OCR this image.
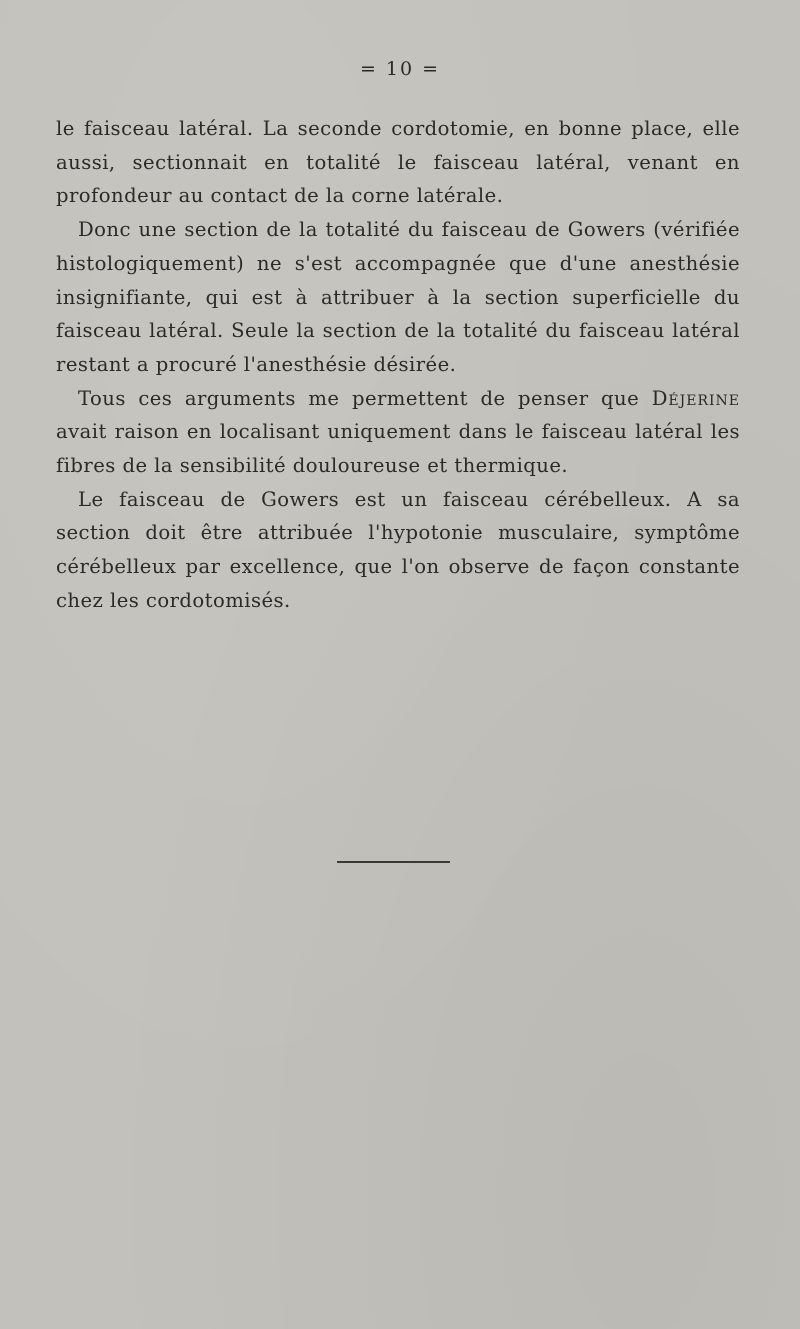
= 10 =

le faisceau latéral. La seconde cordotomie, en bonne place, elle aussi, sectionnait en totalité le faisceau latéral, venant en profondeur au contact de la corne latérale.

Donc une section de la totalité du faisceau de Gowers (vérifiée histologiquement) ne s'est accompagnée que d'une anesthésie insignifiante, qui est à attribuer à la section superficielle du faisceau latéral. Seule la section de la totalité du faisceau latéral restant a procuré l'anesthésie désirée.

Tous ces arguments me permettent de penser que Déjerine avait raison en localisant uniquement dans le faisceau latéral les fibres de la sensibilité douloureuse et thermique.

Le faisceau de Gowers est un faisceau cérébelleux. A sa section doit être attribuée l'hypotonie musculaire, symptôme cérébelleux par excellence, que l'on observe de façon constante chez les cordotomisés.
